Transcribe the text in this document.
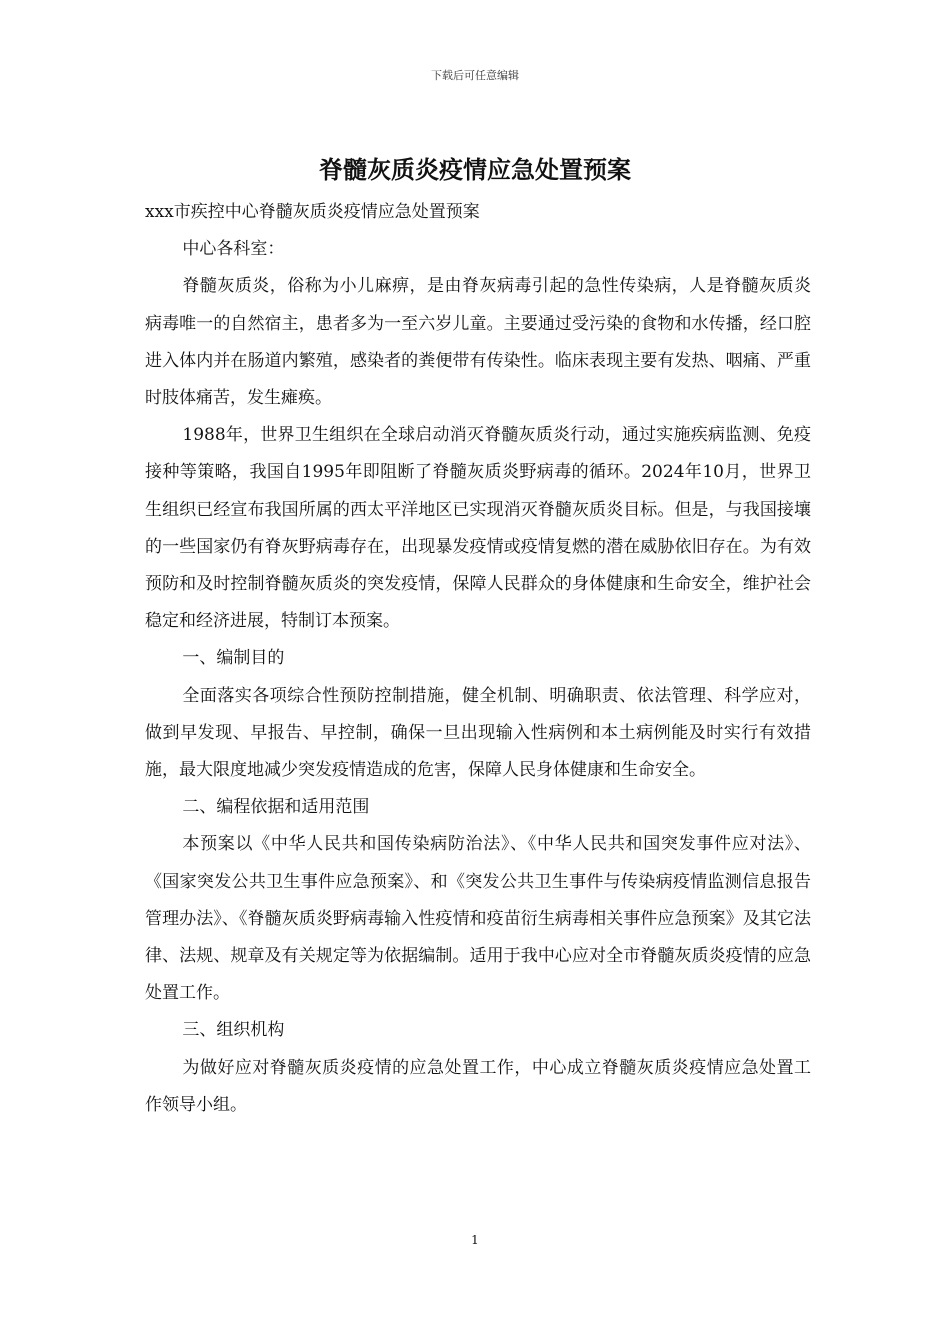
下载后可任意编辑
脊髓灰质炎疫情应急处置预案

xxx市疾控中心脊髓灰质炎疫情应急处置预案

中心各科室：

脊髓灰质炎，俗称为小儿麻痹，是由脊灰病毒引起的急性传染病，人是脊髓灰质炎病毒唯一的自然宿主，患者多为一至六岁儿童。主要通过受污染的食物和水传播，经口腔进入体内并在肠道内繁殖，感染者的粪便带有传染性。临床表现主要有发热、咽痛、严重时肢体痛苦，发生瘫痪。

1988年，世界卫生组织在全球启动消灭脊髓灰质炎行动，通过实施疾病监测、免疫接种等策略，我国自1995年即阻断了脊髓灰质炎野病毒的循环。2024年10月，世界卫生组织已经宣布我国所属的西太平洋地区已实现消灭脊髓灰质炎目标。但是，与我国接壤的一些国家仍有脊灰野病毒存在，出现暴发疫情或疫情复燃的潜在威胁依旧存在。为有效预防和及时控制脊髓灰质炎的突发疫情，保障人民群众的身体健康和生命安全，维护社会稳定和经济进展，特制订本预案。

一、编制目的

全面落实各项综合性预防控制措施，健全机制、明确职责、依法管理、科学应对，做到早发现、早报告、早控制，确保一旦出现输入性病例和本土病例能及时实行有效措施，最大限度地减少突发疫情造成的危害，保障人民身体健康和生命安全。

二、编程依据和适用范围

本预案以《中华人民共和国传染病防治法》、《中华人民共和国突发事件应对法》、《国家突发公共卫生事件应急预案》、和《突发公共卫生事件与传染病疫情监测信息报告管理办法》、《脊髓灰质炎野病毒输入性疫情和疫苗衍生病毒相关事件应急预案》及其它法律、法规、规章及有关规定等为依据编制。适用于我中心应对全市脊髓灰质炎疫情的应急处置工作。

三、组织机构

为做好应对脊髓灰质炎疫情的应急处置工作，中心成立脊髓灰质炎疫情应急处置工作领导小组。

1
